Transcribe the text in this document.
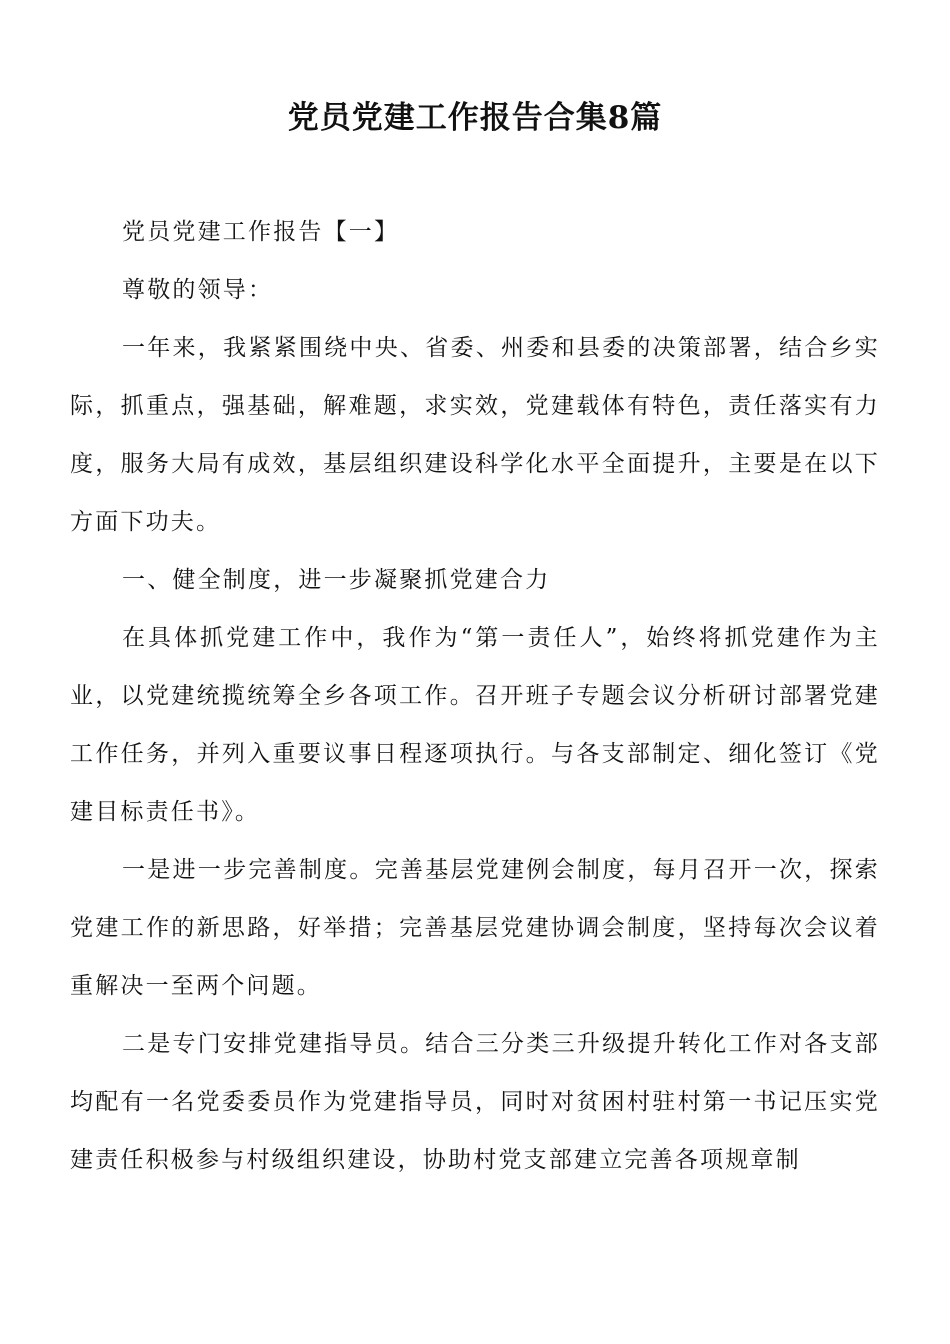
党员党建工作报告合集8篇

党员党建工作报告【一】

尊敬的领导：

一年来，我紧紧围绕中央、省委、州委和县委的决策部署，结合乡实际，抓重点，强基础，解难题，求实效，党建载体有特色，责任落实有力度，服务大局有成效，基层组织建设科学化水平全面提升，主要是在以下方面下功夫。

一、健全制度，进一步凝聚抓党建合力

在具体抓党建工作中，我作为“第一责任人”，始终将抓党建作为主业，以党建统揽统筹全乡各项工作。召开班子专题会议分析研讨部署党建工作任务，并列入重要议事日程逐项执行。与各支部制定、细化签订《党建目标责任书》。

一是进一步完善制度。完善基层党建例会制度，每月召开一次，探索党建工作的新思路，好举措；完善基层党建协调会制度，坚持每次会议着重解决一至两个问题。

二是专门安排党建指导员。结合三分类三升级提升转化工作对各支部均配有一名党委委员作为党建指导员，同时对贫困村驻村第一书记压实党建责任积极参与村级组织建设，协助村党支部建立完善各项规章制
